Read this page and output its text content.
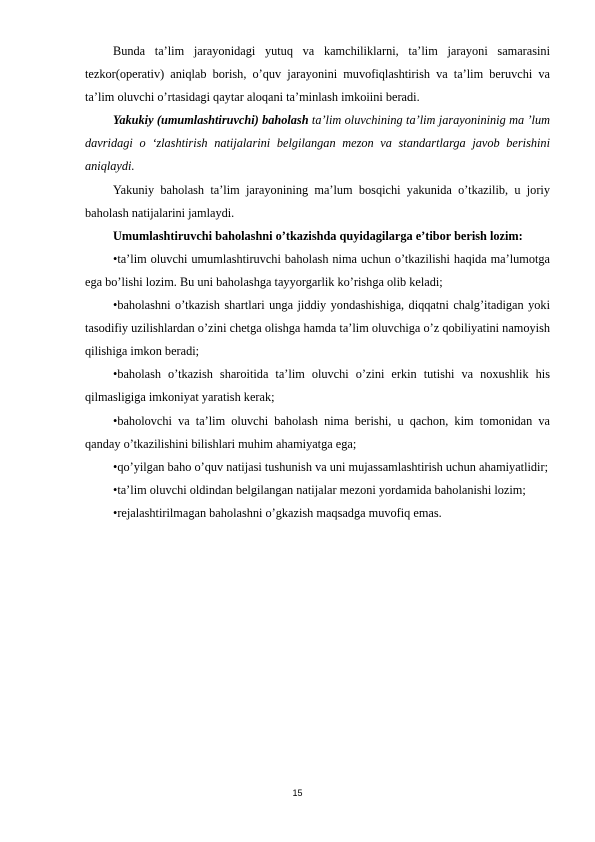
Bunda ta’lim jarayonidagi yutuq va kamchiliklarni, ta’lim jarayoni samarasini tezkor(operativ) aniqlab borish, o’quv jarayonini muvofiqlashtirish va ta’lim beruvchi va ta’lim oluvchi o’rtasidagi qaytar aloqani ta’minlash imkoiini beradi.

Yakukiy (umumlashtiruvchi) baholash ta’lim oluvchining ta’lim jarayonininig ma ’lum davridagi o ‘zlashtirish natijalarini belgilangan mezon va standartlarga javob berishini aniqlaydi.

Yakuniy baholash ta’lim jarayonining ma’lum bosqichi yakunida o’tkazilib, u joriy baholash natijalarini jamlaydi.

Umumlashtiruvchi baholashni o’tkazishda quyidagilarga e’tibor berish lozim:

•ta’lim oluvchi umumlashtiruvchi baholash nima uchun o’tkazilishi haqida ma’lumotga ega bo’lishi lozim. Bu uni baholashga tayyorgarlik ko’rishga olib keladi;

•baholashni o’tkazish shartlari unga jiddiy yondashishiga, diqqatni chalg’itadigan yoki tasodifiy uzilishlardan o’zini chetga olishga hamda ta’lim oluvchiga o’z qobiliyatini namoyish qilishiga imkon beradi;

•baholash o’tkazish sharoitida ta’lim oluvchi o’zini erkin tutishi va noxushlik his qilmasligiga imkoniyat yaratish kerak;

•baholovchi va ta’lim oluvchi baholash nima berishi, u qachon, kim tomonidan va qanday o’tkazilishini bilishlari muhim ahamiyatga ega;

•qo’yilgan baho o’quv natijasi tushunish va uni mujassamlashtirish uchun ahamiyatlidir;

•ta’lim oluvchi oldindan belgilangan natijalar mezoni yordamida baholanishi lozim;

•rejalashtirilmagan baholashni o’gkazish maqsadga muvofiq emas.

15
